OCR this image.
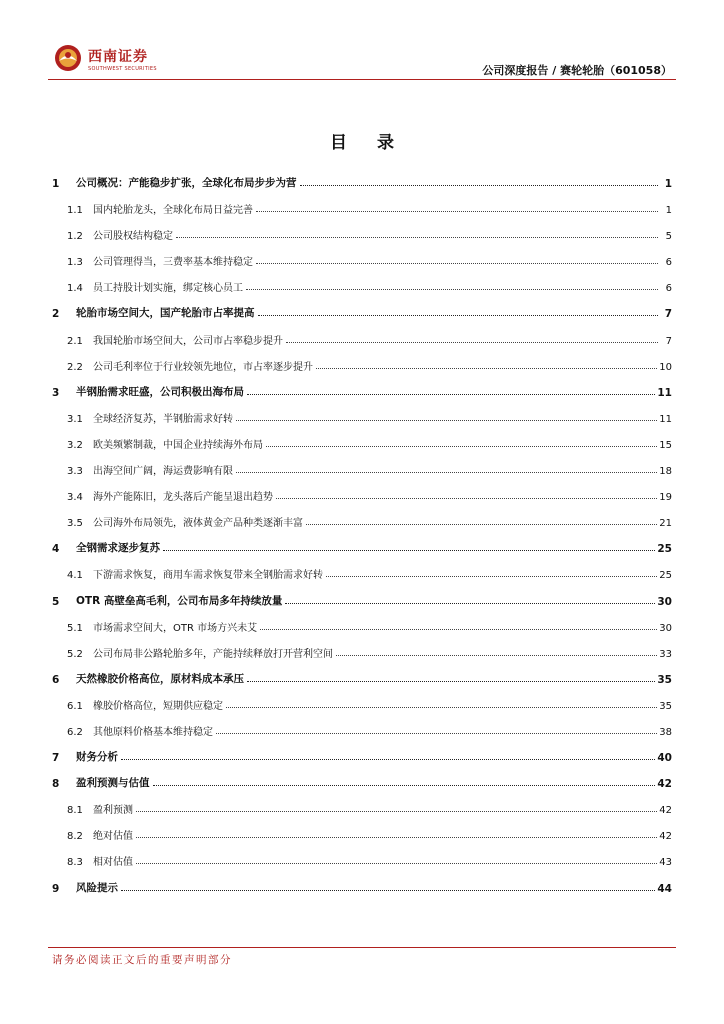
西南证券
SOUTHWEST SECURITIES	公司深度报告 / 赛轮轮胎（601058）
目 录
1	公司概况：产能稳步扩张，全球化布局步步为营	1
1.1	国内轮胎龙头，全球化布局日益完善	1
1.2	公司股权结构稳定	5
1.3	公司管理得当，三费率基本维持稳定	6
1.4	员工持股计划实施，绑定核心员工	6
2	轮胎市场空间大，国产轮胎市占率提高	7
2.1	我国轮胎市场空间大，公司市占率稳步提升	7
2.2	公司毛利率位于行业较领先地位，市占率逐步提升	10
3	半钢胎需求旺盛，公司积极出海布局	11
3.1	全球经济复苏，半钢胎需求好转	11
3.2	欧美频繁制裁，中国企业持续海外布局	15
3.3	出海空间广阔，海运费影响有限	18
3.4	海外产能陈旧，龙头落后产能呈退出趋势	19
3.5	公司海外布局领先，液体黄金产品种类逐渐丰富	21
4	全钢需求逐步复苏	25
4.1	下游需求恢复，商用车需求恢复带来全钢胎需求好转	25
5	OTR 高壁垒高毛利，公司布局多年持续放量	30
5.1	市场需求空间大，OTR 市场方兴未艾	30
5.2	公司布局非公路轮胎多年，产能持续释放打开营利空间	33
6	天然橡胶价格高位，原材料成本承压	35
6.1	橡胶价格高位，短期供应稳定	35
6.2	其他原料价格基本维持稳定	38
7	财务分析	40
8	盈利预测与估值	42
8.1	盈利预测	42
8.2	绝对估值	42
8.3	相对估值	43
9	风险提示	44
请务必阅读正文后的重要声明部分
